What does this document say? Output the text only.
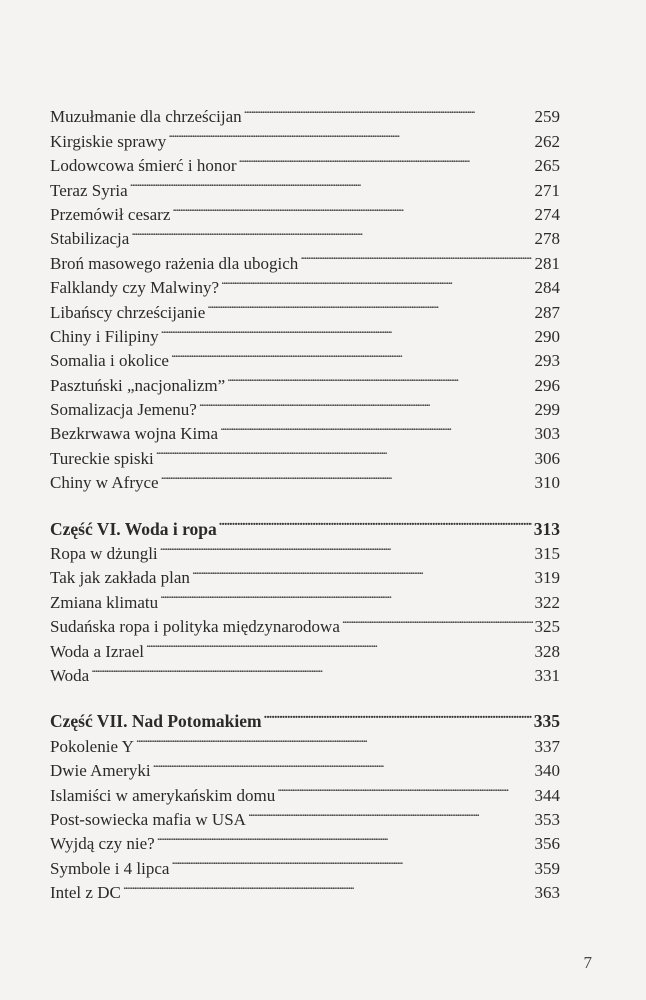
Muzułmanie dla chrześcijan . . .	259
Kirgiskie sprawy . . .	262
Lodowcowa śmierć i honor . . .	265
Teraz Syria . . .	271
Przemówił cesarz . . .	274
Stabilizacja . . .	278
Broń masowego rażenia dla ubogich . . .	281
Falklandy czy Malwiny? . . .	284
Libańscy chrześcijanie . . .	287
Chiny i Filipiny . . .	290
Somalia i okolice . . .	293
Pasztuński „nacjonalizm” . . .	296
Somalizacja Jemenu? . . .	299
Bezkrwawa wojna Kima . . .	303
Tureckie spiski . . .	306
Chiny w Afryce . . .	310
Część VI. Woda i ropa . . .	313
Ropa w dżungli . . .	315
Tak jak zakłada plan . . .	319
Zmiana klimatu . . .	322
Sudańska ropa i polityka międzynarodowa . . .	325
Woda a Izrael . . .	328
Woda . . .	331
Część VII. Nad Potomakiem . . .	335
Pokolenie Y . . .	337
Dwie Ameryki . . .	340
Islamiści w amerykańskim domu . . .	344
Post-sowiecka mafia w USA . . .	353
Wyjdą czy nie? . . .	356
Symbole i 4 lipca . . .	359
Intel z DC . . .	363
7
